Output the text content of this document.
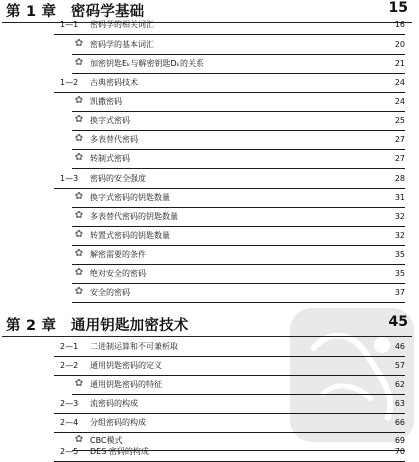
第 1 章　密码学基础	15
1—1 密码学的相关词汇	16
✿ 密码学的基本词汇	20
✿ 加密钥匙Eₖ与解密钥匙Dₖ的关系	21
1—2 古典密码技术	24
✿ 凯撒密码	24
✿ 换字式密码	25
✿ 多表替代密码	27
✿ 转制式密码	27
1—3 密码的安全强度	28
✿ 换字式密码的钥匙数量	31
✿ 多表替代密码的钥匙数量	32
✿ 转置式密码的钥匙数量	32
✿ 解密需要的条件	35
✿ 绝对安全的密码	35
✿ 安全的密码	37
第 2 章　通用钥匙加密技术	45
2—1 二进制运算和不可兼析取	46
2—2 通用钥匙密码的定义	57
✿ 通用钥匙密码的特征	62
2—3 流密码的构成	63
2—4 分组密码的构成	66
✿ CBC模式	69
2—5 DES 密码的构成	70
